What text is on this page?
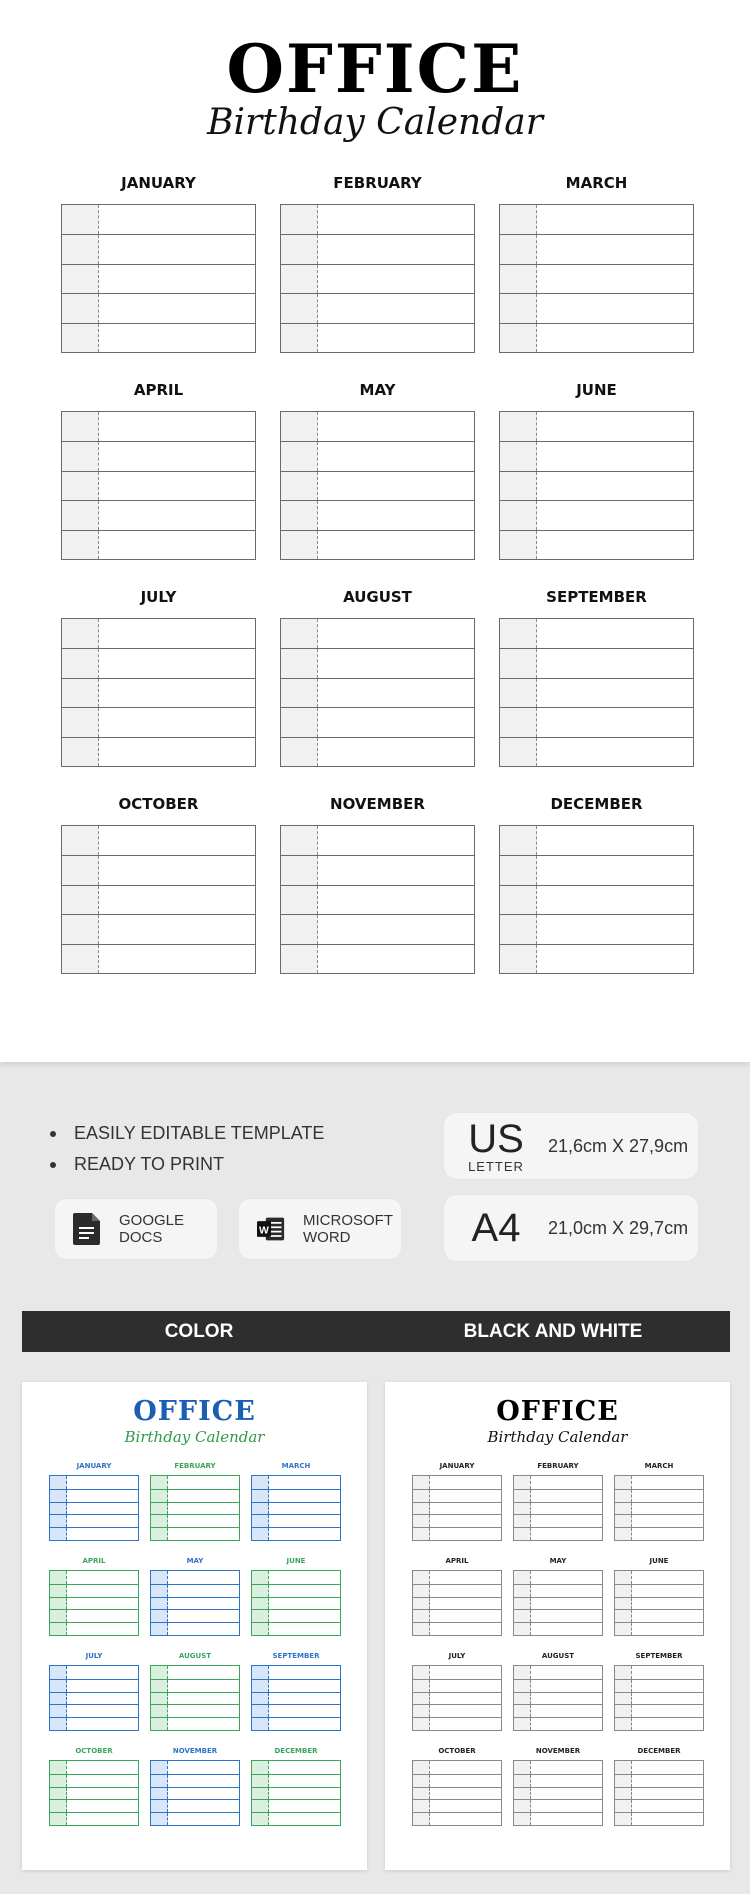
OFFICE
Birthday Calendar
JANUARY	FEBRUARY	MARCH
APRIL	MAY	JUNE
JULY	AUGUST	SEPTEMBER
OCTOBER	NOVEMBER	DECEMBER
EASILY EDITABLE TEMPLATE
READY TO PRINT
GOOGLE
DOCS	W
MICROSOFT
WORD
US
LETTER
21,6cm X 27,9cm
A4	21,0cm X 29,7cm
COLOR	BLACK AND WHITE
OFFICE
Birthday Calendar
JANUARY	FEBRUARY	MARCH
APRIL	MAY	JUNE
JULY	AUGUST	SEPTEMBER
OCTOBER	NOVEMBER	DECEMBER
OFFICE
Birthday Calendar
JANUARY	FEBRUARY	MARCH
APRIL	MAY	JUNE
JULY	AUGUST	SEPTEMBER
OCTOBER	NOVEMBER	DECEMBER
